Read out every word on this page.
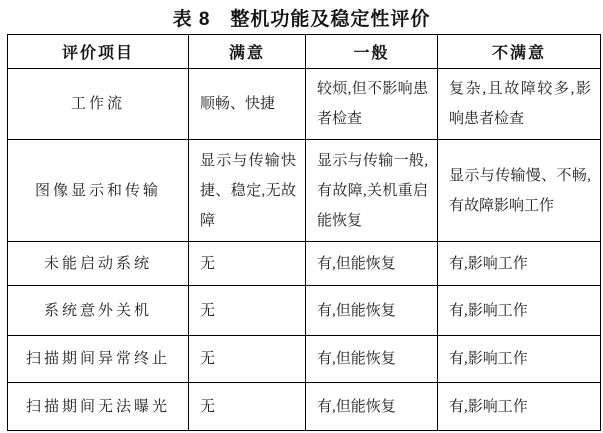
表 8　整机功能及稳定性评价
评价项目	满意	一般	不满意
工作流	顺畅、快捷	较烦,但不影响患者检查	复杂,且故障较多,影响患者检查
图像显示和传输	显示与传输快捷、稳定,无故障	显示与传输一般,有故障,关机重启能恢复	显示与传输慢、不畅,有故障影响工作
未能启动系统	无	有,但能恢复	有,影响工作
系统意外关机	无	有,但能恢复	有,影响工作
扫描期间异常终止	无	有,但能恢复	有,影响工作
扫描期间无法曝光	无	有,但能恢复	有,影响工作
